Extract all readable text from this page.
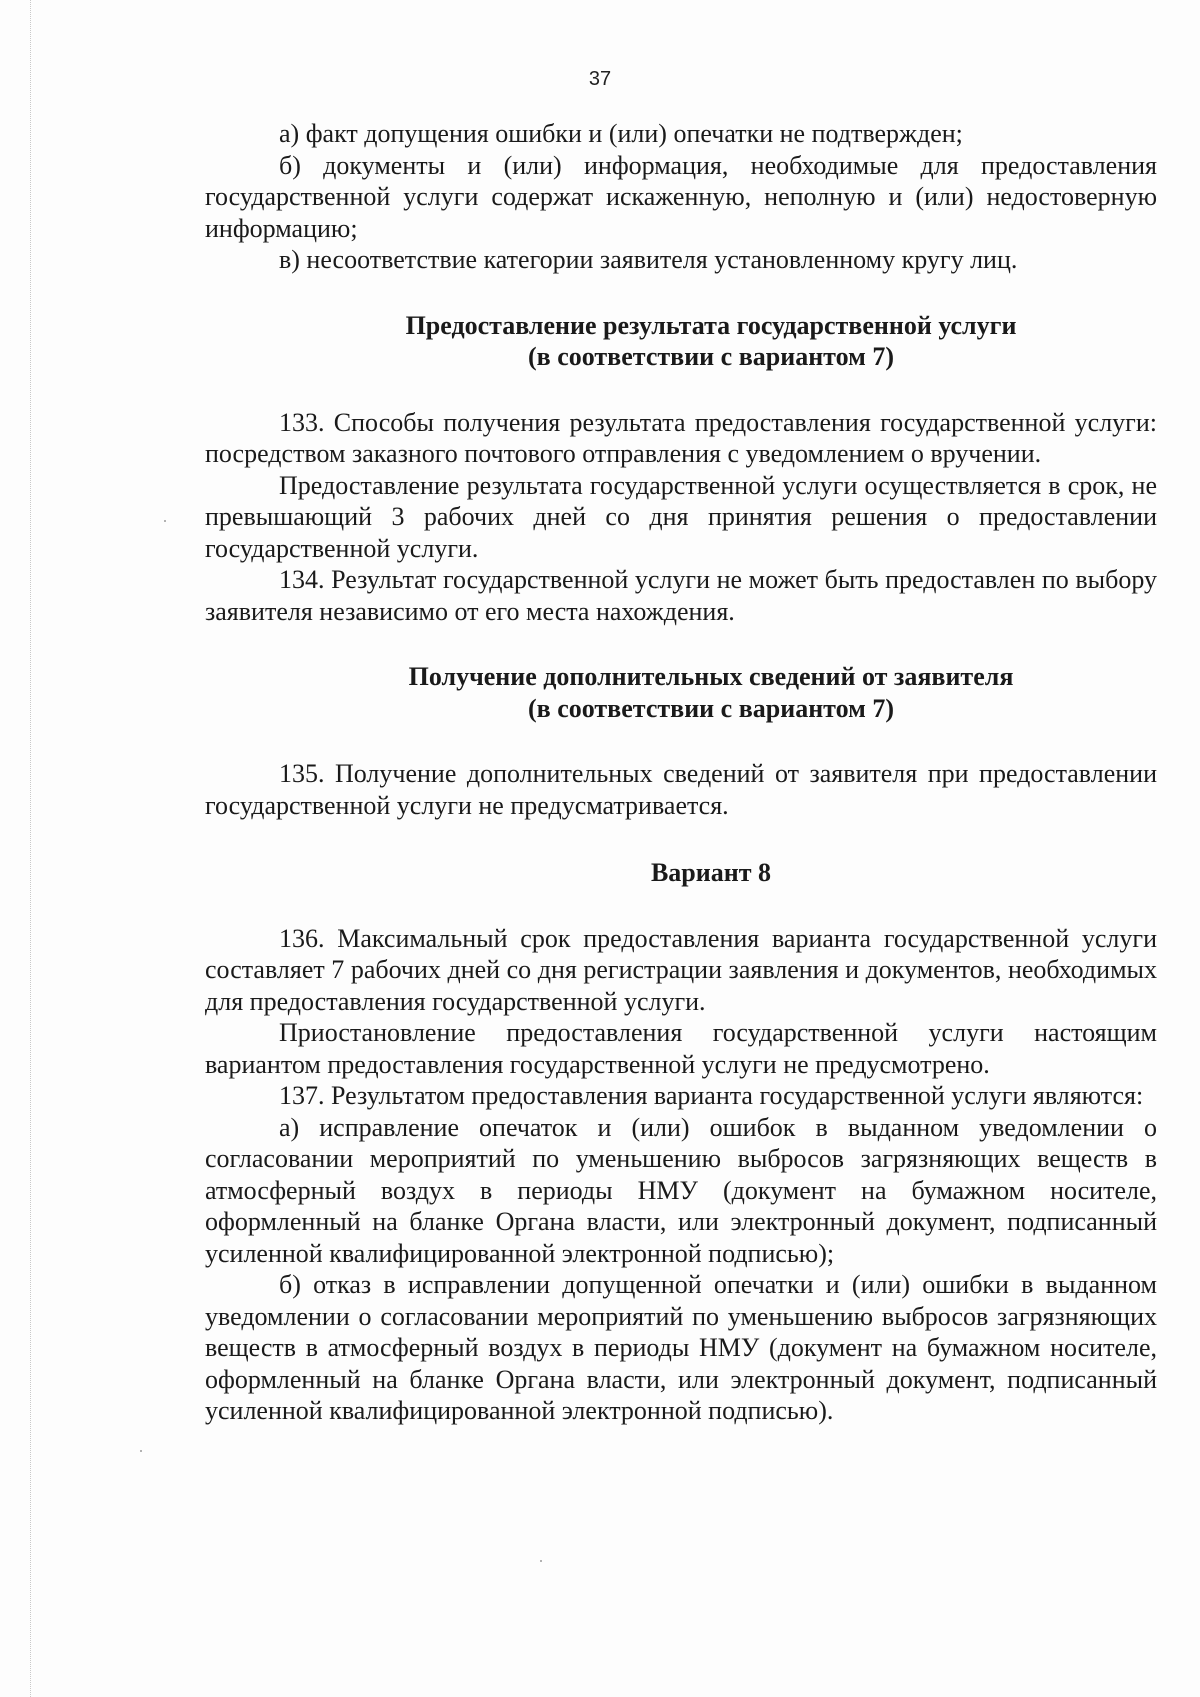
37

а) факт допущения ошибки и (или) опечатки не подтвержден;

б) документы и (или) информация, необходимые для предоставления государственной услуги содержат искаженную, неполную и (или) недостоверную информацию;

в) несоответствие категории заявителя установленному кругу лиц.

Предоставление результата государственной услуги
(в соответствии с вариантом 7)

133. Способы получения результата предоставления государственной услуги: посредством заказного почтового отправления с уведомлением о вручении.

Предоставление результата государственной услуги осуществляется в срок, не превышающий 3 рабочих дней со дня принятия решения о предоставлении государственной услуги.

134. Результат государственной услуги не может быть предоставлен по выбору заявителя независимо от его места нахождения.

Получение дополнительных сведений от заявителя
(в соответствии с вариантом 7)

135. Получение дополнительных сведений от заявителя при предоставлении государственной услуги не предусматривается.

Вариант 8

136. Максимальный срок предоставления варианта государственной услуги составляет 7 рабочих дней со дня регистрации заявления и документов, необходимых для предоставления государственной услуги.

Приостановление предоставления государственной услуги настоящим вариантом предоставления государственной услуги не предусмотрено.

137. Результатом предоставления варианта государственной услуги являются:

а) исправление опечаток и (или) ошибок в выданном уведомлении о согласовании мероприятий по уменьшению выбросов загрязняющих веществ в атмосферный воздух в периоды НМУ (документ на бумажном носителе, оформленный на бланке Органа власти, или электронный документ, подписанный усиленной квалифицированной электронной подписью);

б) отказ в исправлении допущенной опечатки и (или) ошибки в выданном уведомлении о согласовании мероприятий по уменьшению выбросов загрязняющих веществ в атмосферный воздух в периоды НМУ (документ на бумажном носителе, оформленный на бланке Органа власти, или электронный документ, подписанный усиленной квалифицированной электронной подписью).
